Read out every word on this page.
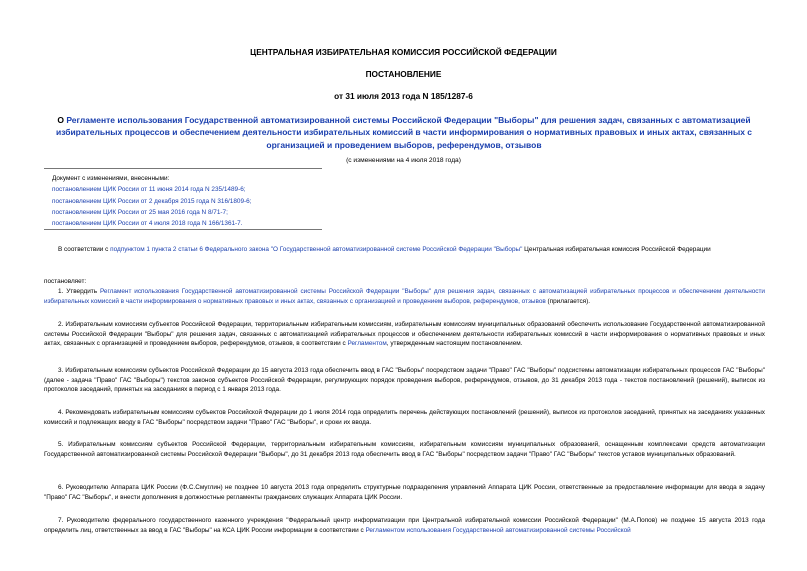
ЦЕНТРАЛЬНАЯ ИЗБИРАТЕЛЬНАЯ КОМИССИЯ РОССИЙСКОЙ ФЕДЕРАЦИИ
ПОСТАНОВЛЕНИЕ
от 31 июля 2013 года N 185/1287-6
О Регламенте использования Государственной автоматизированной системы Российской Федерации "Выборы" для решения задач, связанных с автоматизацией избирательных процессов и обеспечением деятельности избирательных комиссий в части информирования о нормативных правовых и иных актах, связанных с организацией и проведением выборов, референдумов, отзывов
(с изменениями на 4 июля 2018 года)
Документ с изменениями, внесенными:
постановлением ЦИК России от 11 июня 2014 года N 235/1489-6;
постановлением ЦИК России от 2 декабря 2015 года N 316/1809-6;
постановлением ЦИК России от 25 мая 2016 года N 8/71-7;
постановлением ЦИК России от 4 июля 2018 года N 166/1361-7.
В соответствии с подпунктом 1 пункта 2 статьи 6 Федерального закона "О Государственной автоматизированной системе Российской Федерации "Выборы" Центральная избирательная комиссия Российской Федерации
постановляет:
1. Утвердить Регламент использования Государственной автоматизированной системы Российской Федерации "Выборы" для решения задач, связанных с автоматизацией избирательных процессов и обеспечением деятельности избирательных комиссий в части информирования о нормативных правовых и иных актах, связанных с организацией и проведением выборов, референдумов, отзывов (прилагается).
2. Избирательным комиссиям субъектов Российской Федерации, территориальным избирательным комиссиям, избирательным комиссиям муниципальных образований обеспечить использование Государственной автоматизированной системы Российской Федерации "Выборы" для решения задач, связанных с автоматизацией избирательных процессов и обеспечением деятельности избирательных комиссий в части информирования о нормативных правовых и иных актах, связанных с организацией и проведением выборов, референдумов, отзывов, в соответствии с Регламентом, утвержденным настоящим постановлением.
3. Избирательным комиссиям субъектов Российской Федерации до 15 августа 2013 года обеспечить ввод в ГАС "Выборы" посредством задачи "Право" ГАС "Выборы" подсистемы автоматизации избирательных процессов ГАС "Выборы" (далее - задача "Право" ГАС "Выборы") текстов законов субъектов Российской Федерации, регулирующих порядок проведения выборов, референдумов, отзывов, до 31 декабря 2013 года - текстов постановлений (решений), выписок из протоколов заседаний, принятых на заседаниях в период с 1 января 2013 года.
4. Рекомендовать избирательным комиссиям субъектов Российской Федерации до 1 июля 2014 года определить перечень действующих постановлений (решений), выписок из протоколов заседаний, принятых на заседаниях указанных комиссий и подлежащих вводу в ГАС "Выборы" посредством задачи "Право" ГАС "Выборы", и сроки их ввода.
5. Избирательным комиссиям субъектов Российской Федерации, территориальным избирательным комиссиям, избирательным комиссиям муниципальных образований, оснащенным комплексами средств автоматизации Государственной автоматизированной системы Российской Федерации "Выборы", до 31 декабря 2013 года обеспечить ввод в ГАС "Выборы" посредством задачи "Право" ГАС "Выборы" текстов уставов муниципальных образований.
6. Руководителю Аппарата ЦИК России (Ф.С.Смуглин) не позднее 10 августа 2013 года определить структурные подразделения управлений Аппарата ЦИК России, ответственные за предоставление информации для ввода в задачу "Право" ГАС "Выборы", и внести дополнения в должностные регламенты гражданских служащих Аппарата ЦИК России.
7. Руководителю федерального государственного казенного учреждения "Федеральный центр информатизации при Центральной избирательной комиссии Российской Федерации" (М.А.Попов) не позднее 15 августа 2013 года определить лиц, ответственных за ввод в ГАС "Выборы" на КСА ЦИК России информации в соответствии с Регламентом использования Государственной автоматизированной системы Российской
